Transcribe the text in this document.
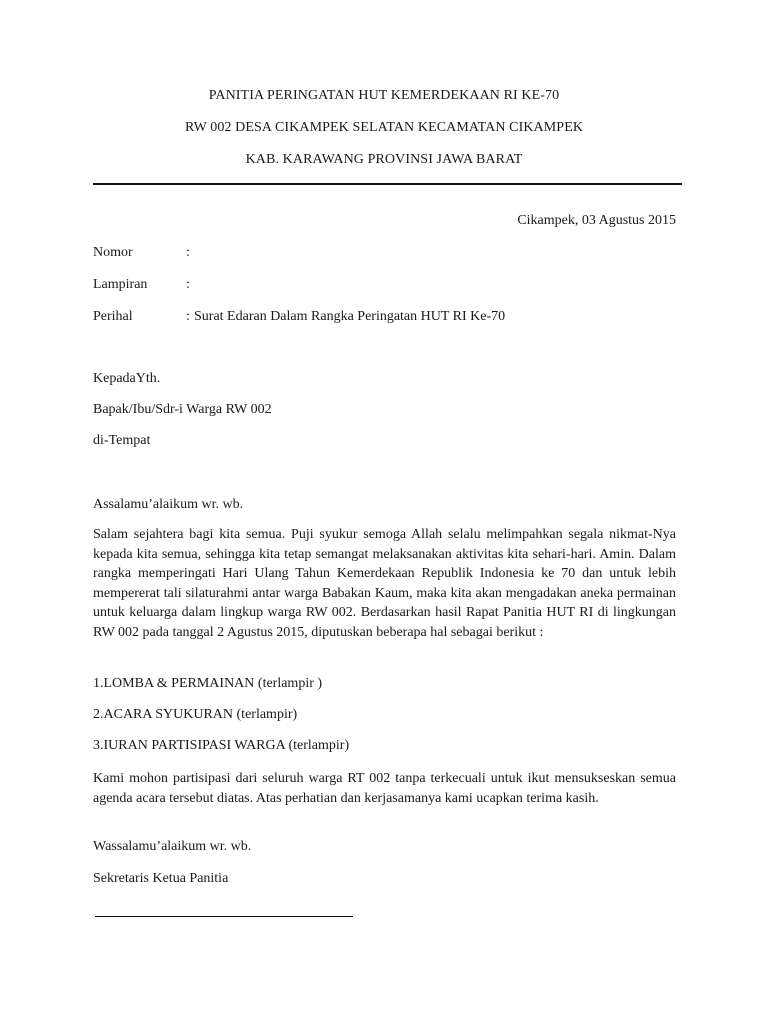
PANITIA PERINGATAN HUT KEMERDEKAAN RI KE-70
RW 002 DESA CIKAMPEK SELATAN KECAMATAN CIKAMPEK
KAB. KARAWANG PROVINSI JAWA BARAT
Cikampek, 03 Agustus 2015
Nomor	:
Lampiran	:
Perihal	: Surat Edaran Dalam Rangka Peringatan HUT RI Ke-70
KepadaYth.
Bapak/Ibu/Sdr-i Warga RW 002
di-Tempat
Assalamu’alaikum wr. wb.
Salam sejahtera bagi kita semua. Puji syukur semoga Allah selalu melimpahkan segala nikmat-Nya kepada kita semua, sehingga kita tetap semangat melaksanakan aktivitas kita sehari-hari. Amin. Dalam rangka memperingati Hari Ulang Tahun Kemerdekaan Republik Indonesia ke 70 dan untuk lebih mempererat tali silaturahmi antar warga Babakan Kaum, maka kita akan mengadakan aneka permainan untuk keluarga dalam lingkup warga RW 002. Berdasarkan hasil Rapat Panitia HUT RI di lingkungan RW 002 pada tanggal 2 Agustus 2015, diputuskan beberapa hal sebagai berikut :
1.LOMBA & PERMAINAN (terlampir )
2.ACARA SYUKURAN (terlampir)
3.IURAN PARTISIPASI WARGA (terlampir)
Kami mohon partisipasi dari seluruh warga RT 002 tanpa terkecuali untuk ikut mensukseskan semua agenda acara tersebut diatas. Atas perhatian dan kerjasamanya kami ucapkan terima kasih.
Wassalamu’alaikum wr. wb.
Sekretaris Ketua Panitia
